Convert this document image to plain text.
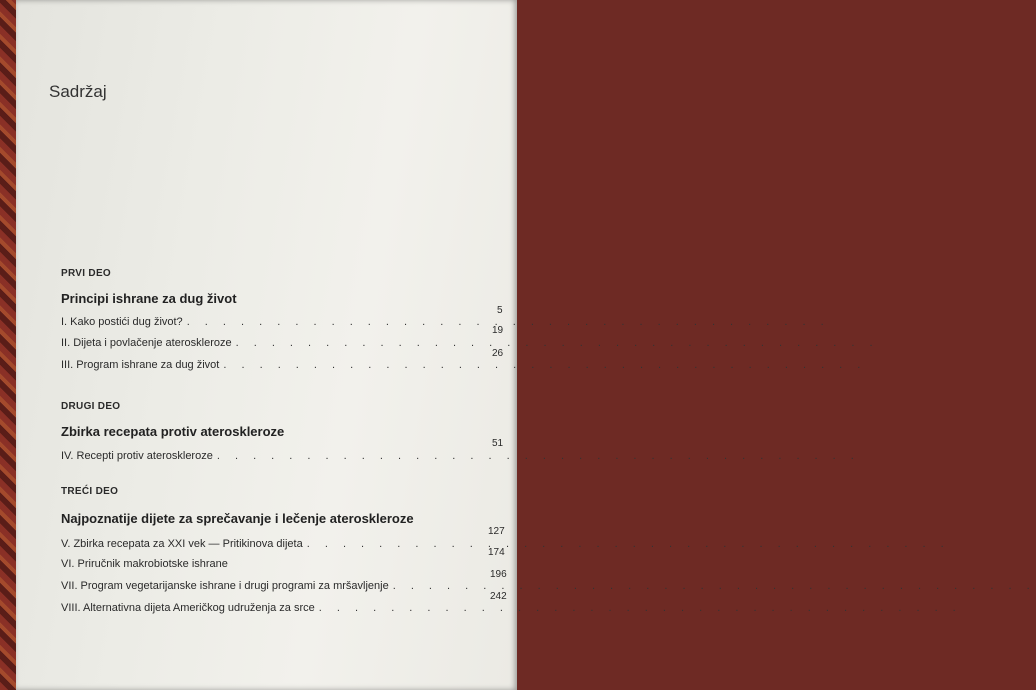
Sadržaj
PRVI DEO
Principi ishrane za dug život
I. Kako postići dug život? . . . . . . . . . . . . . . . . . . . . . . . . . . . . . . . . . . . .
5
II. Dijeta i povlačenje ateroskleroze . . . . . . . . . . . . . . . . . . . . . . . . . . . . . . . . . . . .
19
III. Program ishrane za dug život . . . . . . . . . . . . . . . . . . . . . . . . . . . . . . . . . . . .
26
DRUGI DEO
Zbirka recepata protiv ateroskleroze
IV. Recepti protiv ateroskleroze . . . . . . . . . . . . . . . . . . . . . . . . . . . . . . . . . . . .
51
TREĆI DEO
Najpoznatije dijete za sprečavanje i lečenje ateroskleroze
V. Zbirka recepata za XXI vek — Pritikinova dijeta . . . . . . . . . . . . . . . . . . . . . . . . . . . . . . . . . . . .
127
VI. Priručnik makrobiotske ishrane
174
VII. Program vegetarijanske ishrane i drugi programi za mršavljenje . . . . . . . . . . . . . . . . . . . . . . . . . . . . . . . . . . . .
196
VIII. Alternativna dijeta Američkog udruženja za srce . . . . . . . . . . . . . . . . . . . . . . . . . . . . . . . . . . . .
242
